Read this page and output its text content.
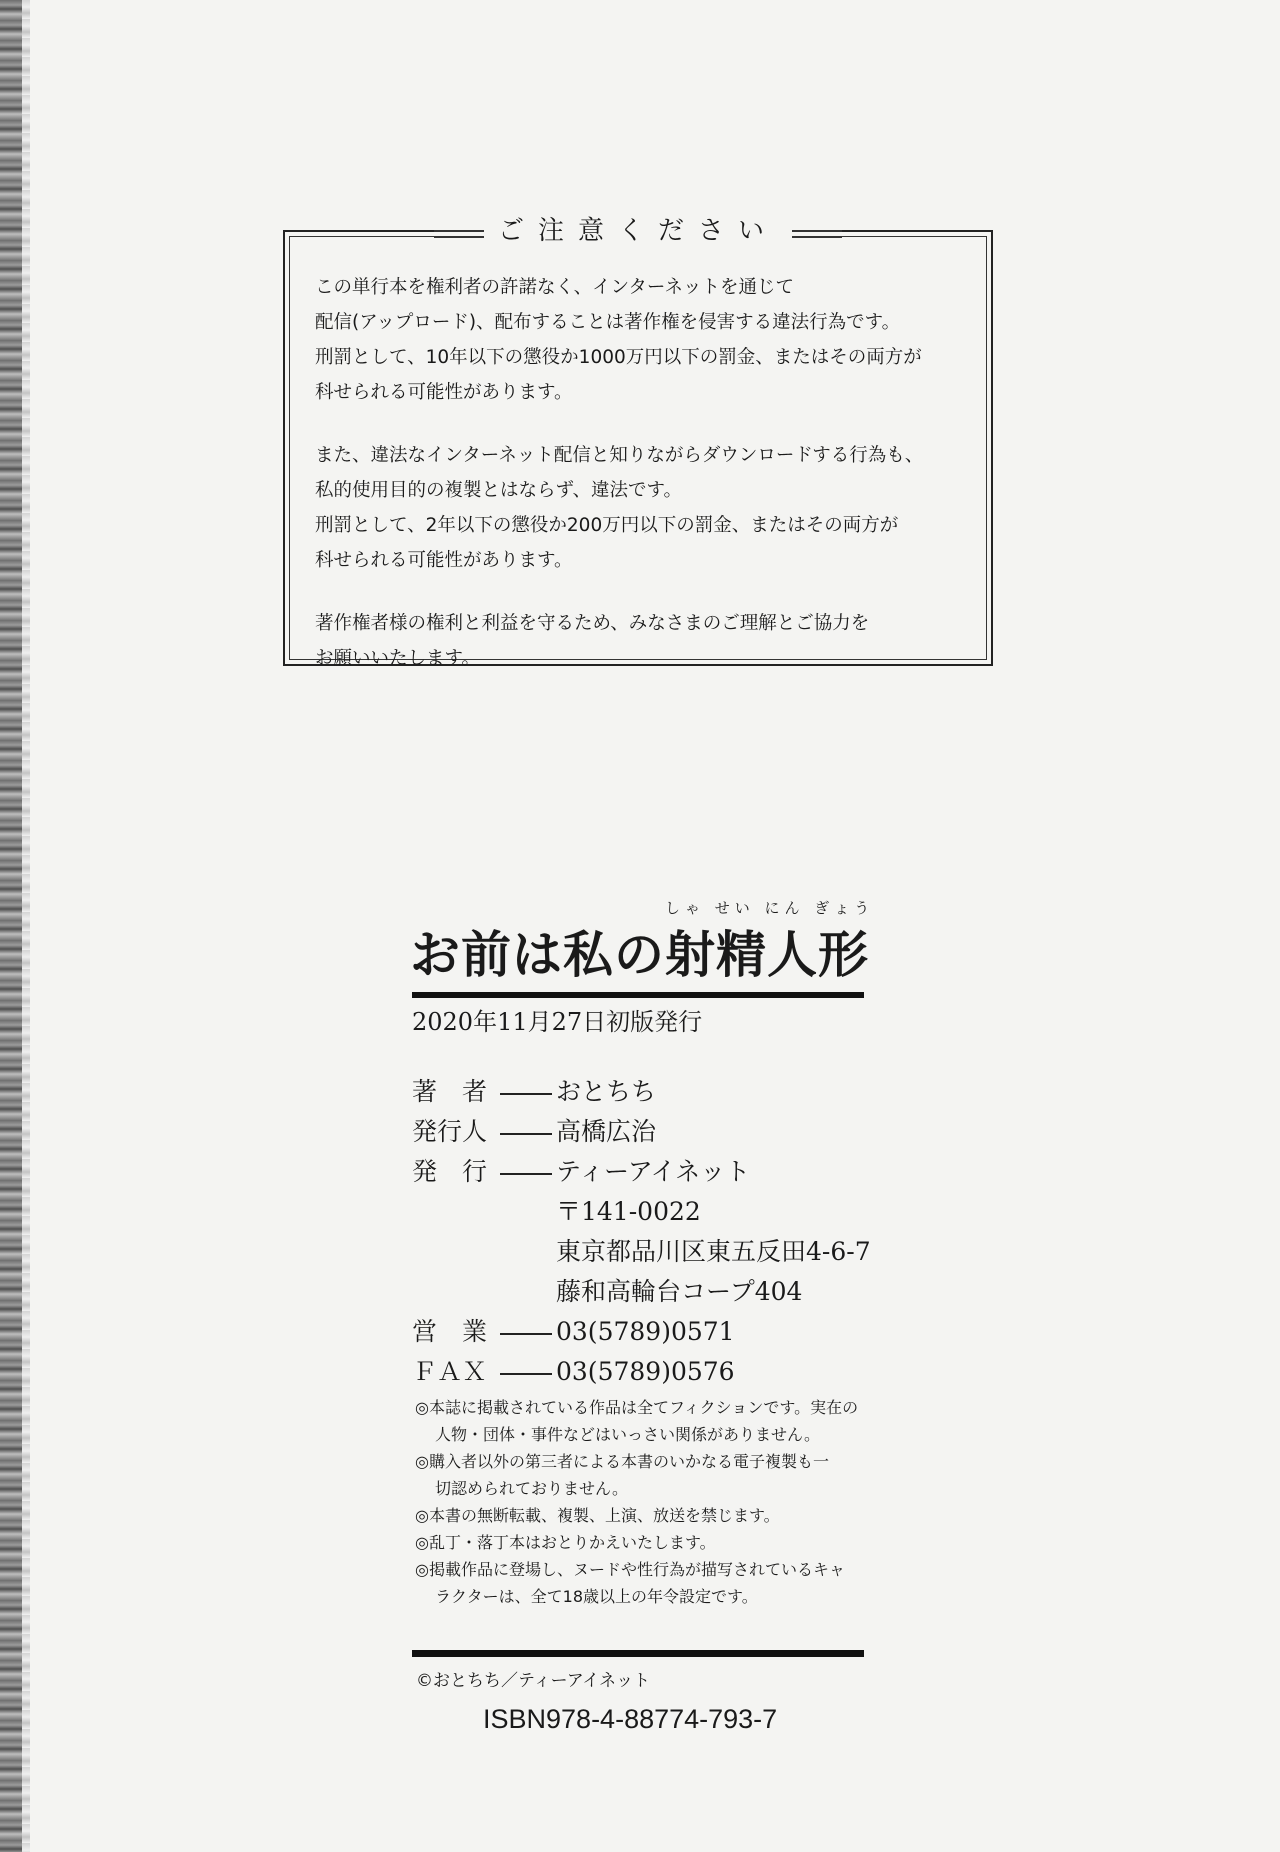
ご注意ください
この単行本を権利者の許諾なく、インターネットを通じて
配信(アップロード)、配布することは著作権を侵害する違法行為です。
刑罰として、10年以下の懲役か1000万円以下の罰金、またはその両方が
科せられる可能性があります。
また、違法なインターネット配信と知りながらダウンロードする行為も、
私的使用目的の複製とはならず、違法です。
刑罰として、2年以下の懲役か200万円以下の罰金、またはその両方が
科せられる可能性があります。
著作権者様の権利と利益を守るため、みなさまのご理解とご協力を
お願いいたします。
しゃ せい にん ぎょう
お前は私の射精人形
2020年11月27日初版発行
著　者	おとちち
発行人	高橋広治
発　行	ティーアイネット
〒141-0022
東京都品川区東五反田4-6-7
藤和高輪台コープ404
営　業	03(5789)0571
ＦＡＸ	03(5789)0576
◎本誌に掲載されている作品は全てフィクションです。実在の
人物・団体・事件などはいっさい関係がありません。
◎購入者以外の第三者による本書のいかなる電子複製も一
切認められておりません。
◎本書の無断転載、複製、上演、放送を禁じます。
◎乱丁・落丁本はおとりかえいたします。
◎掲載作品に登場し、ヌードや性行為が描写されているキャ
ラクターは、全て18歳以上の年令設定です。
©おとちち／ティーアイネット
ISBN978-4-88774-793-7
